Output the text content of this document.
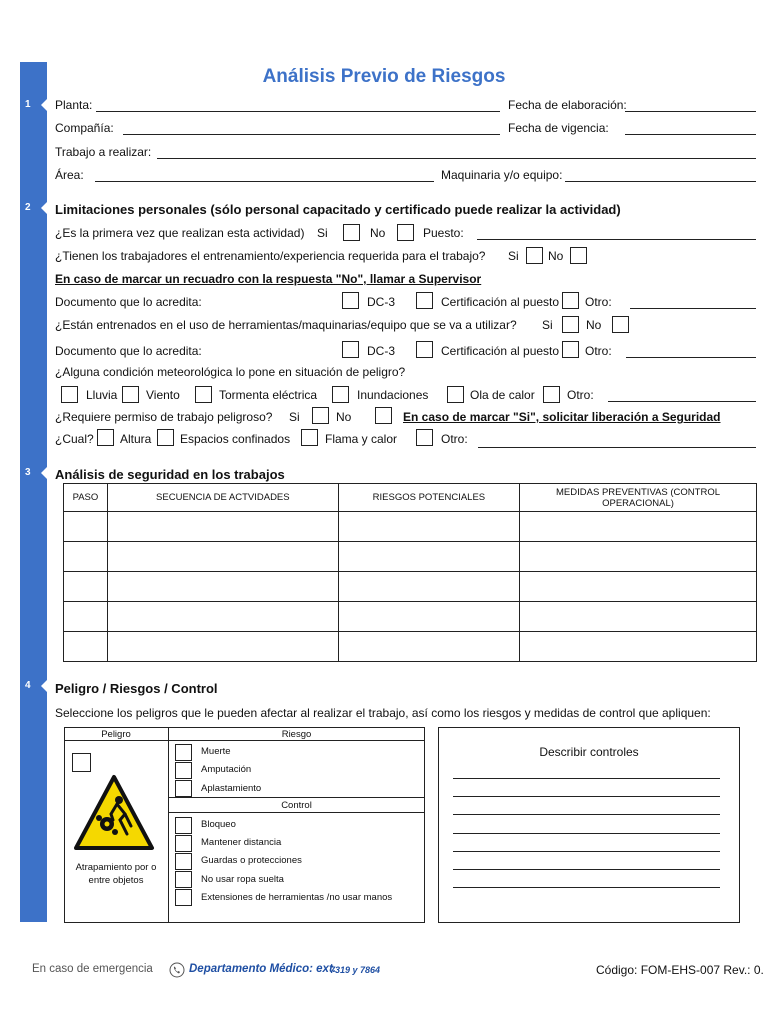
1
2
3
4
Análisis Previo de Riesgos
Planta:	Fecha de elaboración:
Compañía:	Fecha de vigencia:
Trabajo a realizar:
Área:	Maquinaria y/o equipo:
Limitaciones personales (sólo personal capacitado y certificado puede realizar la actividad)
¿Es la primera vez que realizan esta actividad) Si	No	Puesto:
¿Tienen los trabajadores el entrenamiento/experiencia requerida para el trabajo? Si No
En caso de marcar un recuadro con la respuesta "No", llamar a Supervisor
Documento que lo acredita:	DC-3	Certificación al puesto Otro:
¿Están entrenados en el uso de herramientas/maquinarias/equipo que se va a utilizar? Si	No
Documento que lo acredita:	DC-3	Certificación al puesto Otro:
¿Alguna condición meteorológica lo pone en situación de peligro?
Lluvia Viento	Tormenta eléctrica	Inundaciones	Ola de calor	Otro:
¿Requiere permiso de trabajo peligroso? Si	No	En caso de marcar "Si", solicitar liberación a Seguridad
¿Cual? Altura Espacios confinados	Flama y calor	Otro:
Análisis de seguridad en los trabajos
PASO	SECUENCIA DE ACTVIDADES	RIESGOS POTENCIALES	MEDIDAS PREVENTIVAS (CONTROL OPERACIONAL)

Peligro / Riesgos / Control
Seleccione los peligros que le pueden afectar al realizar el trabajo, así como los riesgos y medidas de control que apliquen:
Peligro	Riesgo
Atrapamiento por o entre objetos
Muerte
Amputación
Aplastamiento
Control
Bloqueo
Mantener distancia
Guardas o protecciones
No usar ropa suelta
Extensiones de herramientas /no usar manos
Describir controles
En caso de emergencia	Departamento Médico: ext.
7319 y 7864	Código: FOM-EHS-007 Rev.: 0.
